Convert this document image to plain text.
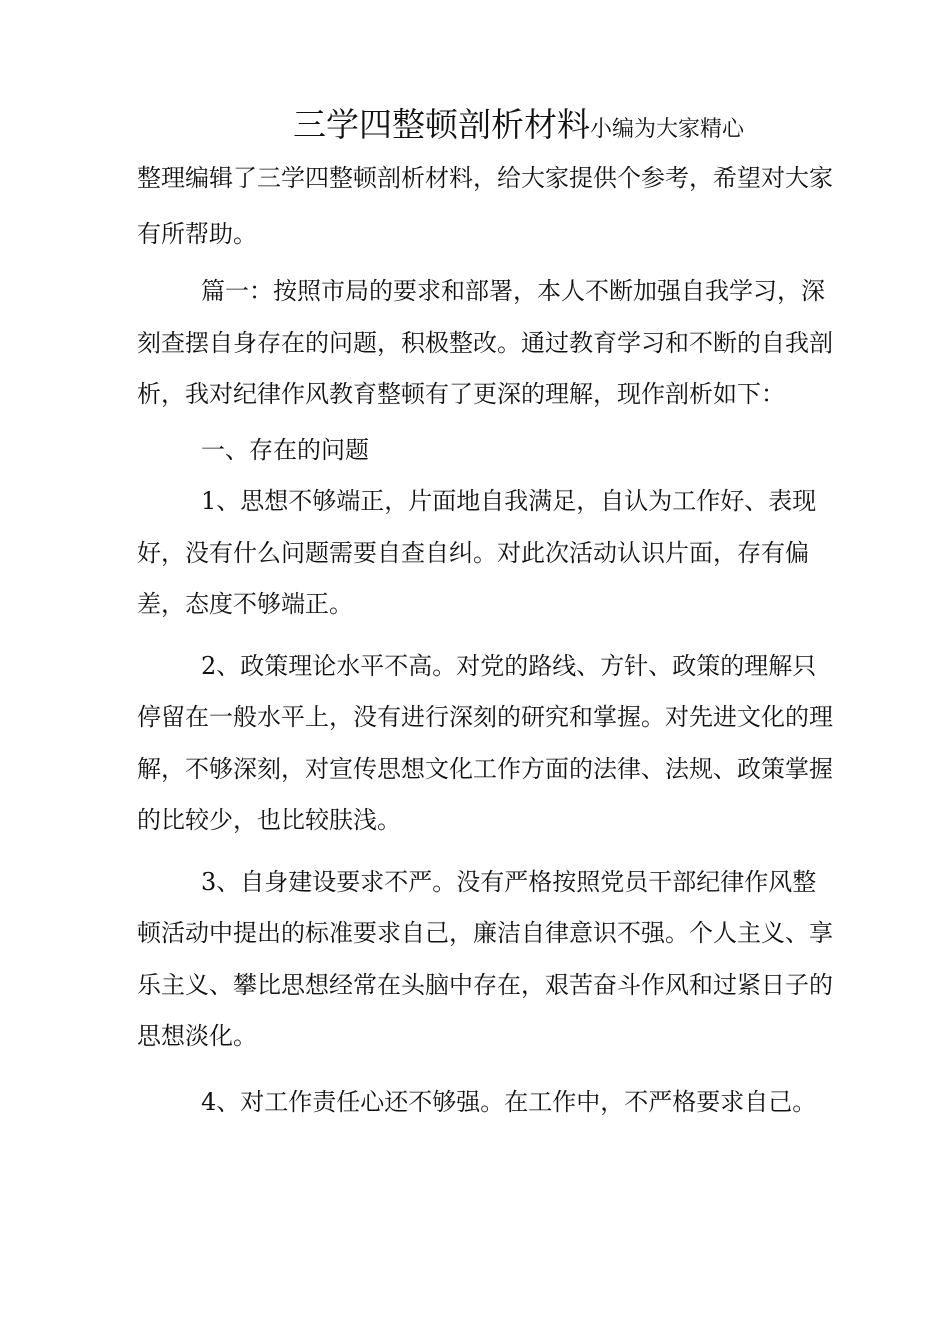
三学四整顿剖析材料小编为大家精心

整理编辑了三学四整顿剖析材料，给大家提供个参考，希望对大家有所帮助。

篇一：按照市局的要求和部署，本人不断加强自我学习，深刻查摆自身存在的问题，积极整改。通过教育学习和不断的自我剖析，我对纪律作风教育整顿有了更深的理解，现作剖析如下：

一、存在的问题

1、思想不够端正，片面地自我满足，自认为工作好、表现好，没有什么问题需要自查自纠。对此次活动认识片面，存有偏差，态度不够端正。

2、政策理论水平不高。对党的路线、方针、政策的理解只停留在一般水平上，没有进行深刻的研究和掌握。对先进文化的理解，不够深刻，对宣传思想文化工作方面的法律、法规、政策掌握的比较少，也比较肤浅。

3、自身建设要求不严。没有严格按照党员干部纪律作风整顿活动中提出的标准要求自己，廉洁自律意识不强。个人主义、享乐主义、攀比思想经常在头脑中存在，艰苦奋斗作风和过紧日子的思想淡化。

4、对工作责任心还不够强。在工作中，不严格要求自己。
